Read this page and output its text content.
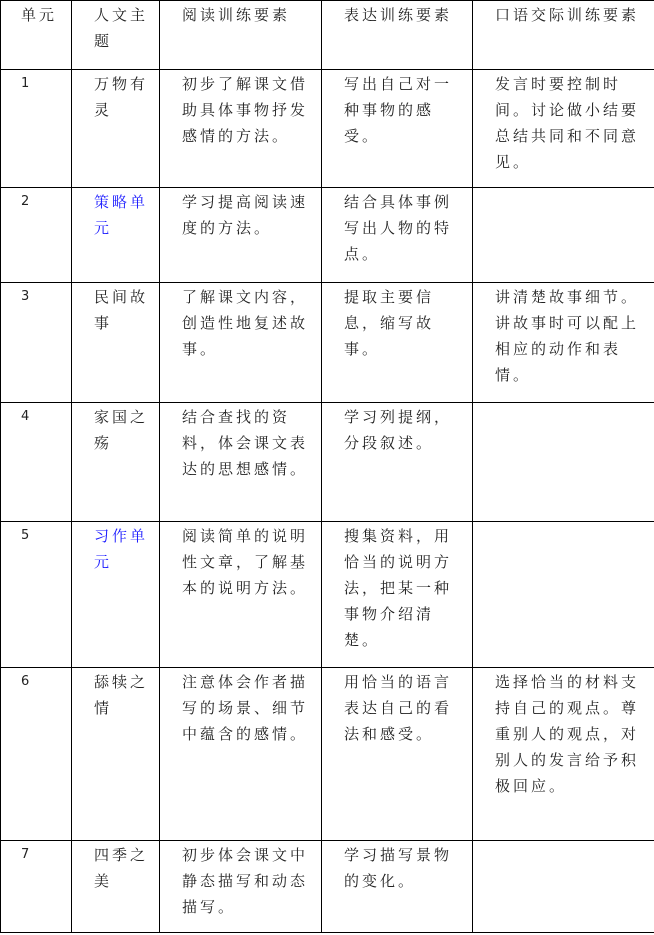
单元	人文主题	阅读训练要素	表达训练要素	口语交际训练要素

1	万物有灵	初步了解课文借助具体事物抒发感情的方法。	写出自己对一种事物的感受。	发言时要控制时间。讨论做小结要总结共同和不同意见。

2	策略单元	学习提高阅读速度的方法。	结合具体事例写出人物的特点。	

3	民间故事	了解课文内容，创造性地复述故事。	提取主要信息，缩写故事。	讲清楚故事细节。讲故事时可以配上相应的动作和表情。

4	家国之殇	结合查找的资料，体会课文表达的思想感情。	学习列提纲，分段叙述。	

5	习作单元	阅读简单的说明性文章，了解基本的说明方法。	搜集资料，用恰当的说明方法，把某一种事物介绍清楚。	

6	舔犊之情	注意体会作者描写的场景、细节中蕴含的感情。	用恰当的语言表达自己的看法和感受。	选择恰当的材料支持自己的观点。尊重别人的观点，对别人的发言给予积极回应。

7	四季之美	初步体会课文中静态描写和动态描写。	学习描写景物的变化。	
